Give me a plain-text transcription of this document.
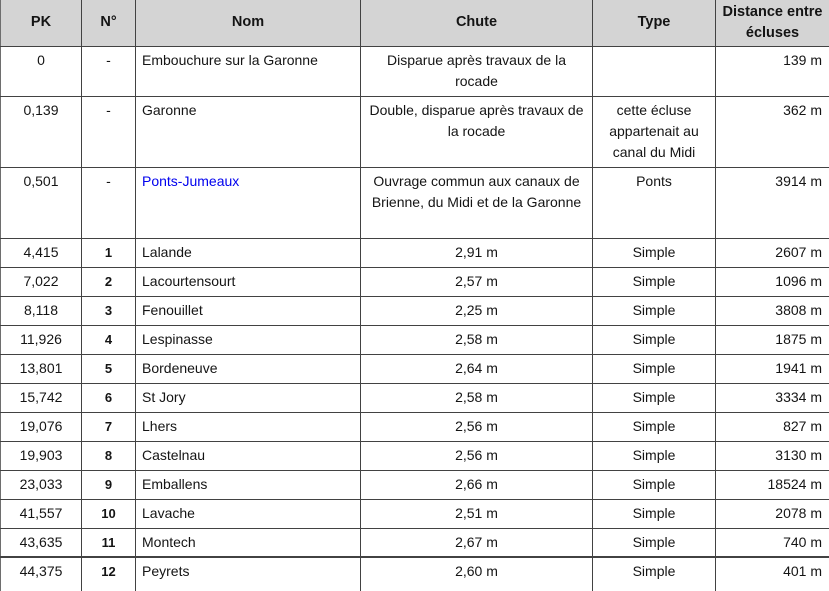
PK	N°	Nom	Chute	Type	Distance entre écluses
0	-	Embouchure sur la Garonne	Disparue après travaux de la rocade		139 m
0,139	-	Garonne	Double, disparue après travaux de la rocade	cette écluse appartenait au canal du Midi	362 m
0,501	-	Ponts-Jumeaux	Ouvrage commun aux canaux de Brienne, du Midi et de la Garonne	Ponts	3914 m
4,415	1	Lalande	2,91 m	Simple	2607 m
7,022	2	Lacourtensourt	2,57 m	Simple	1096 m
8,118	3	Fenouillet	2,25 m	Simple	3808 m
11,926	4	Lespinasse	2,58 m	Simple	1875 m
13,801	5	Bordeneuve	2,64 m	Simple	1941 m
15,742	6	St Jory	2,58 m	Simple	3334 m
19,076	7	Lhers	2,56 m	Simple	827 m
19,903	8	Castelnau	2,56 m	Simple	3130 m
23,033	9	Emballens	2,66 m	Simple	18524 m
41,557	10	Lavache	2,51 m	Simple	2078 m
43,635	11	Montech	2,67 m	Simple	740 m
44,375	12	Peyrets	2,60 m	Simple	401 m
